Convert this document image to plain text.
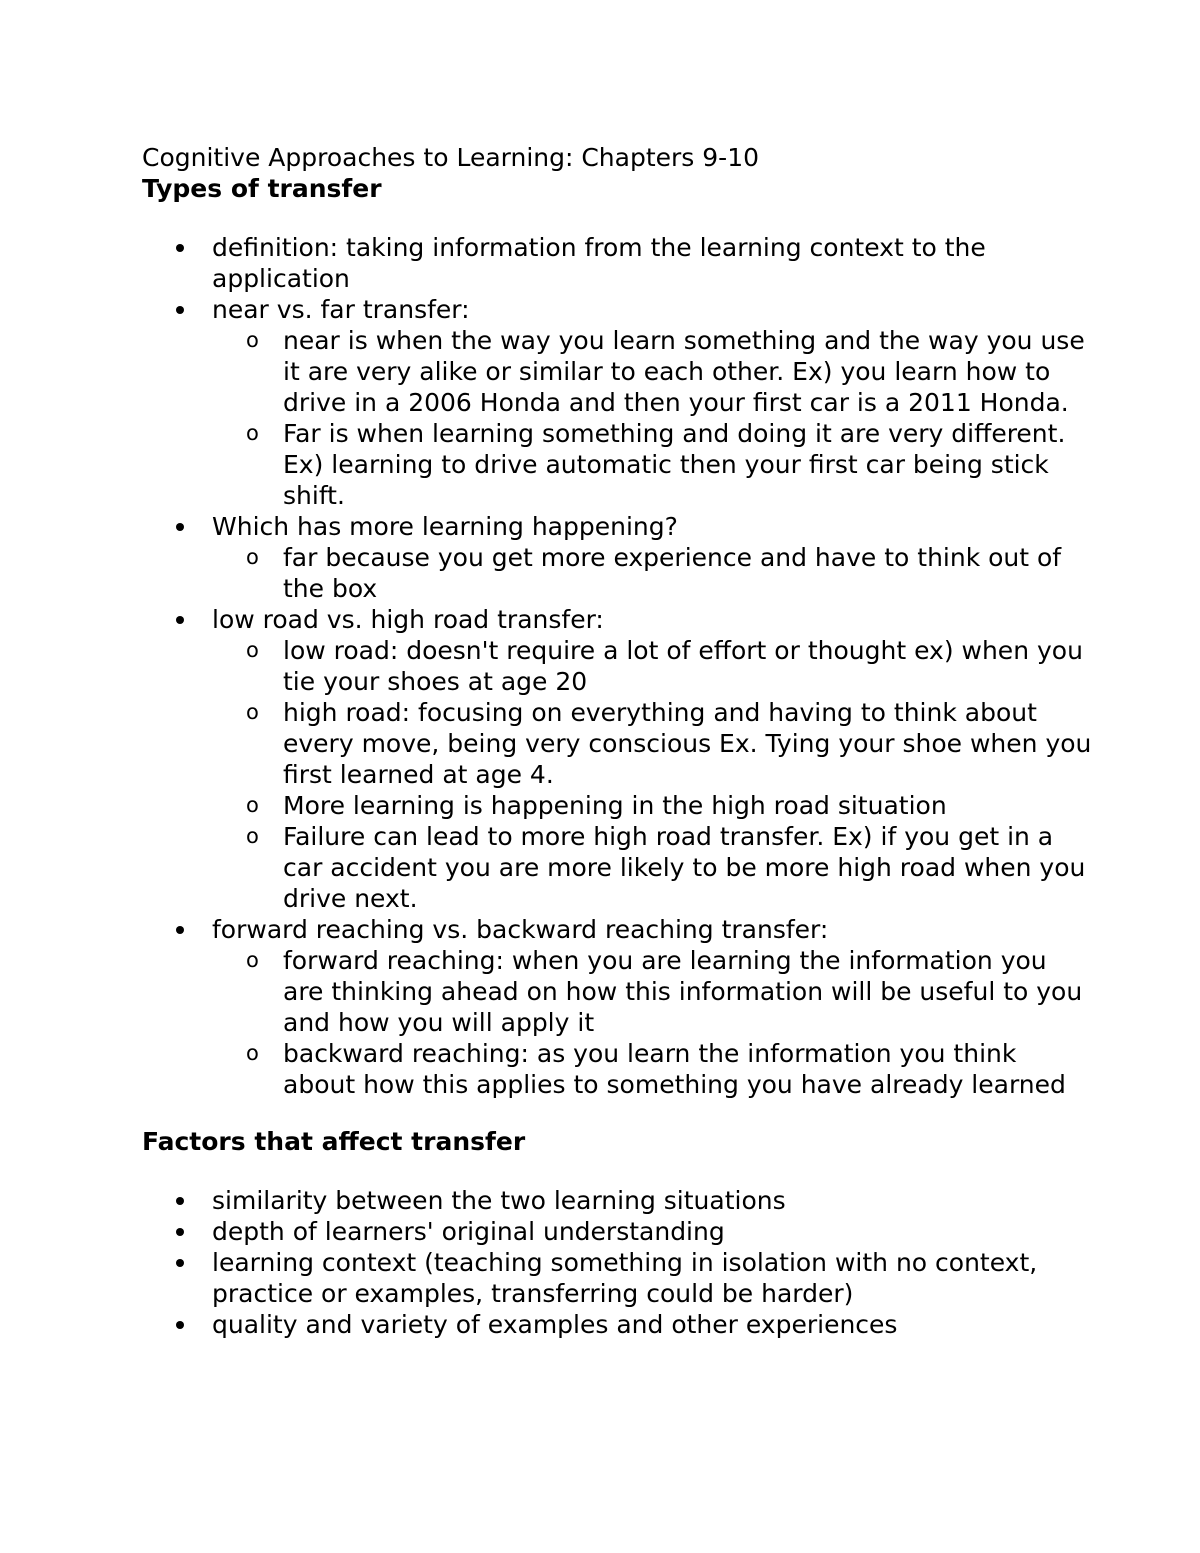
Cognitive Approaches to Learning: Chapters 9-10
Types of transfer
definition: taking information from the learning context to the application
near vs. far transfer:
o near is when the way you learn something and the way you use it are very alike or similar to each other. Ex) you learn how to drive in a 2006 Honda and then your first car is a 2011 Honda.
o Far is when learning something and doing it are very different. Ex) learning to drive automatic then your first car being stick shift.
Which has more learning happening?
o far because you get more experience and have to think out of the box
low road vs. high road transfer:
o low road: doesn't require a lot of effort or thought ex) when you tie your shoes at age 20
o high road: focusing on everything and having to think about every move, being very conscious Ex. Tying your shoe when you first learned at age 4.
o More learning is happening in the high road situation
o Failure can lead to more high road transfer. Ex) if you get in a car accident you are more likely to be more high road when you drive next.
forward reaching vs. backward reaching transfer:
o forward reaching: when you are learning the information you are thinking ahead on how this information will be useful to you and how you will apply it
o backward reaching: as you learn the information you think about how this applies to something you have already learned
Factors that affect transfer
similarity between the two learning situations
depth of learners' original understanding
learning context (teaching something in isolation with no context, practice or examples, transferring could be harder)
quality and variety of examples and other experiences
